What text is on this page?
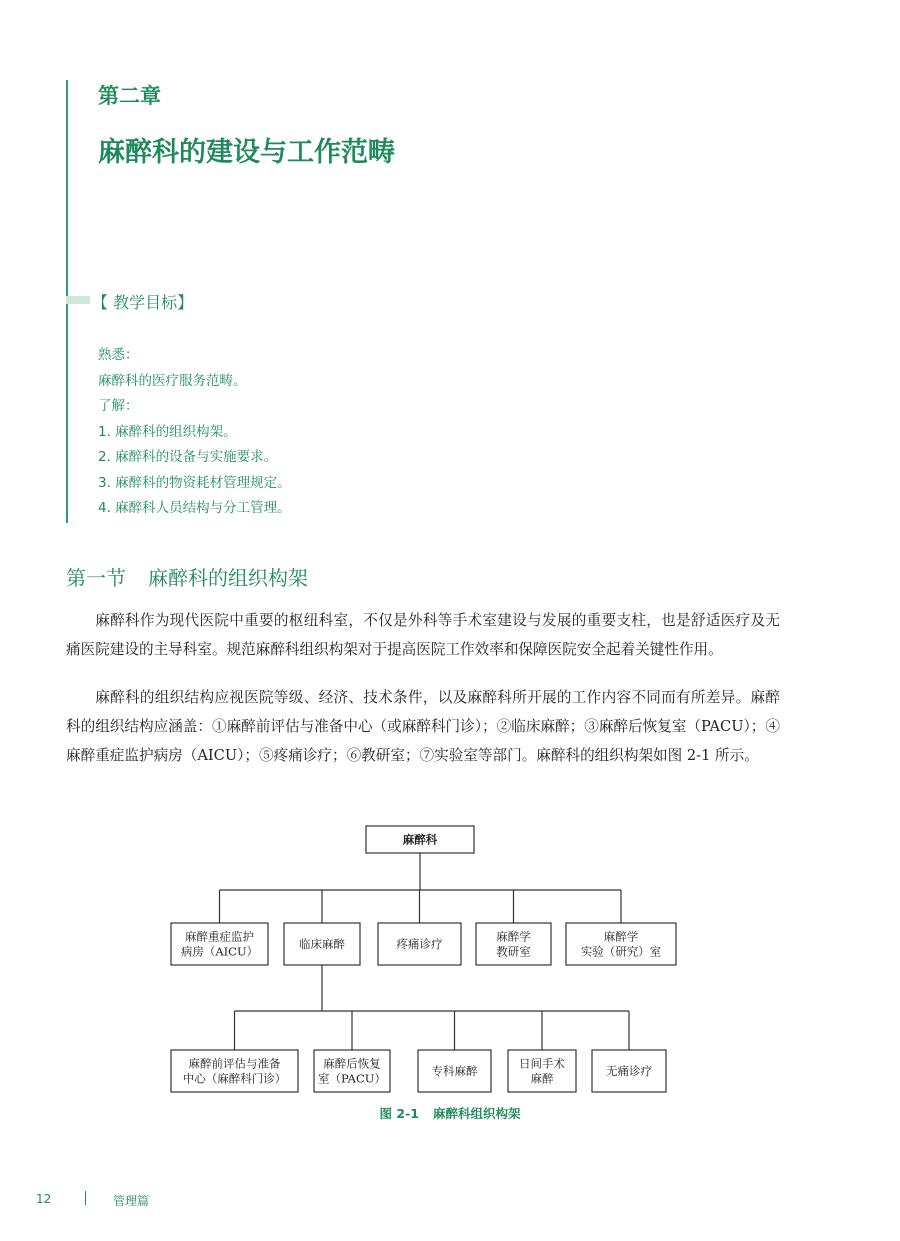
第二章
麻醉科的建设与工作范畴
【 教学目标】
熟悉：
麻醉科的医疗服务范畴。
了解：
1. 麻醉科的组织构架。
2. 麻醉科的设备与实施要求。
3. 麻醉科的物资耗材管理规定。
4. 麻醉科人员结构与分工管理。
第一节 麻醉科的组织构架

麻醉科作为现代医院中重要的枢纽科室，不仅是外科等手术室建设与发展的重要支柱，也是舒适医疗及无痛医院建设的主导科室。规范麻醉科组织构架对于提高医院工作效率和保障医院安全起着关键性作用。

麻醉科的组织结构应视医院等级、经济、技术条件，以及麻醉科所开展的工作内容不同而有所差异。麻醉科的组织结构应涵盖：①麻醉前评估与准备中心（或麻醉科门诊）；②临床麻醉；③麻醉后恢复室（PACU）；④麻醉重症监护病房（AICU）；⑤疼痛诊疗；⑥教研室；⑦实验室等部门。麻醉科的组织构架如图 2-1 所示。

麻醉科
麻醉重症监护
病房（AICU）
临床麻醉	疼痛诊疗
麻醉学
教研室
麻醉学
实验（研究）室
麻醉前评估与准备
中心（麻醉科门诊）
麻醉后恢复
室（PACU）
专科麻醉
日间手术
麻醉
无痛诊疗
图 2-1 麻醉科组织构架
12	管理篇
